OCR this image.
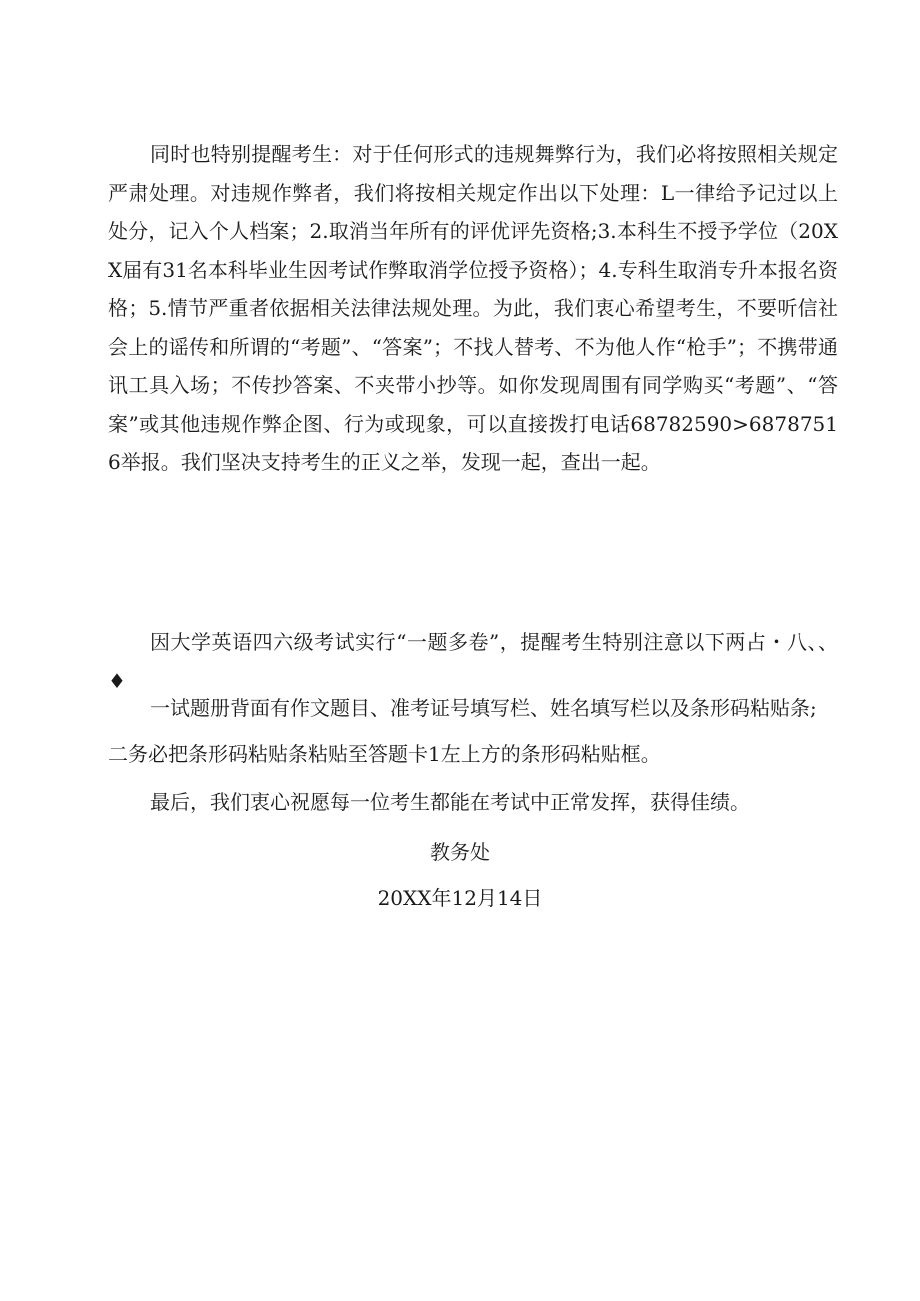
同时也特别提醒考生：对于任何形式的违规舞弊行为，我们必将按照相关规定严肃处理。对违规作弊者，我们将按相关规定作出以下处理：L一律给予记过以上处分，记入个人档案；2.取消当年所有的评优评先资格;3.本科生不授予学位（20XX届有31名本科毕业生因考试作弊取消学位授予资格）；4.专科生取消专升本报名资格；5.情节严重者依据相关法律法规处理。为此，我们衷心希望考生，不要听信社会上的谣传和所谓的“考题”、“答案”；不找人替考、不为他人作“枪手”；不携带通讯工具入场；不传抄答案、不夹带小抄等。如你发现周围有同学购买“考题”、“答案”或其他违规作弊企图、行为或现象，可以直接拨打电话68782590>68787516举报。我们坚决支持考生的正义之举，发现一起，查出一起。

因大学英语四六级考试实行“一题多卷”，提醒考生特别注意以下两占・八、、♦

一试题册背面有作文题目、准考证号填写栏、姓名填写栏以及条形码粘贴条;

二务必把条形码粘贴条粘贴至答题卡1左上方的条形码粘贴框。

最后，我们衷心祝愿每一位考生都能在考试中正常发挥，获得佳绩。

教务处

20XX年12月14日
